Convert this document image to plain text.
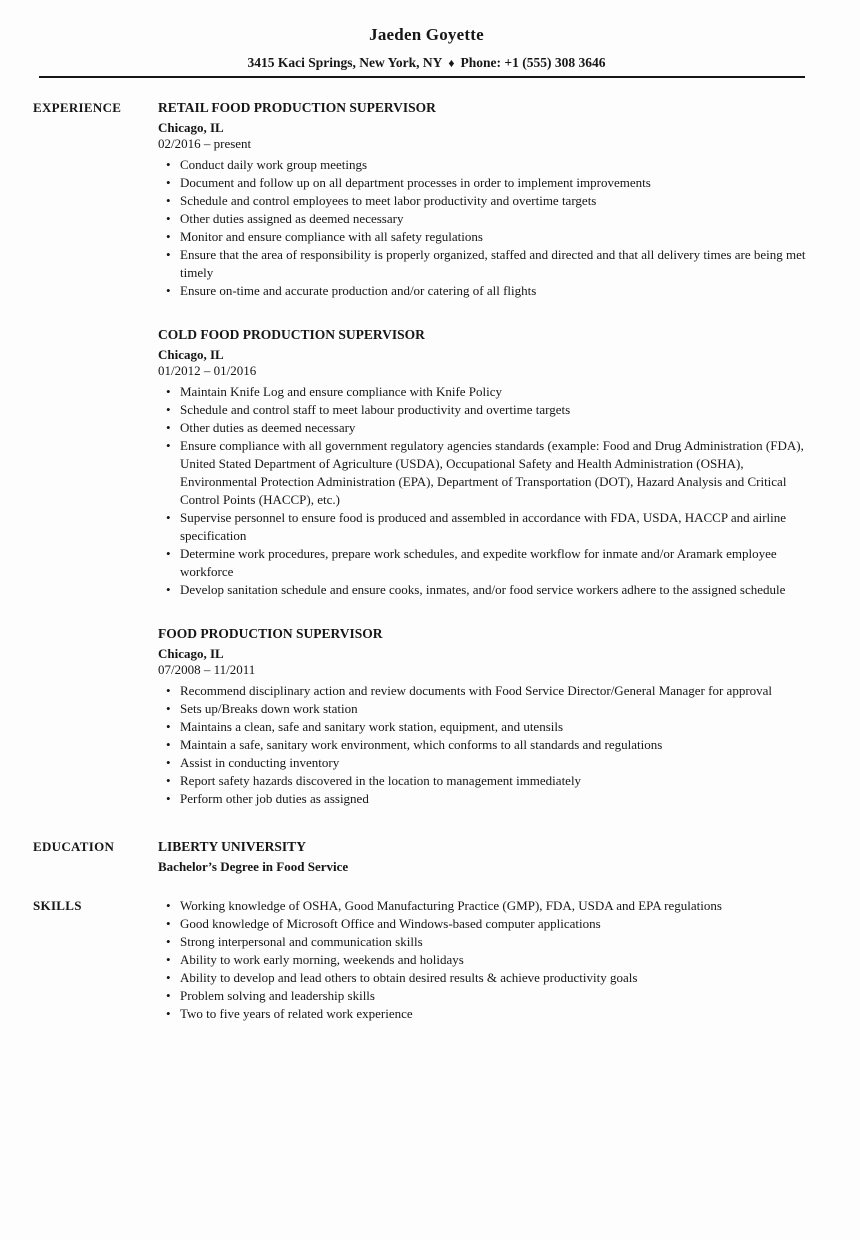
Jaeden Goyette
3415 Kaci Springs, New York, NY ♦ Phone: +1 (555) 308 3646
EXPERIENCE	RETAIL FOOD PRODUCTION SUPERVISOR
Chicago, IL
02/2016 – present
• Conduct daily work group meetings
• Document and follow up on all department processes in order to implement improvements
• Schedule and control employees to meet labor productivity and overtime targets
• Other duties assigned as deemed necessary
• Monitor and ensure compliance with all safety regulations
• Ensure that the area of responsibility is properly organized, staffed and directed and that all delivery times are being met timely
• Ensure on-time and accurate production and/or catering of all flights
COLD FOOD PRODUCTION SUPERVISOR
Chicago, IL
01/2012 – 01/2016
• Maintain Knife Log and ensure compliance with Knife Policy
• Schedule and control staff to meet labour productivity and overtime targets
• Other duties as deemed necessary
• Ensure compliance with all government regulatory agencies standards (example: Food and Drug Administration (FDA), United Stated Department of Agriculture (USDA), Occupational Safety and Health Administration (OSHA), Environmental Protection Administration (EPA), Department of Transportation (DOT), Hazard Analysis and Critical Control Points (HACCP), etc.)
• Supervise personnel to ensure food is produced and assembled in accordance with FDA, USDA, HACCP and airline specification
• Determine work procedures, prepare work schedules, and expedite workflow for inmate and/or Aramark employee workforce
• Develop sanitation schedule and ensure cooks, inmates, and/or food service workers adhere to the assigned schedule
FOOD PRODUCTION SUPERVISOR
Chicago, IL
07/2008 – 11/2011
• Recommend disciplinary action and review documents with Food Service Director/General Manager for approval
• Sets up/Breaks down work station
• Maintains a clean, safe and sanitary work station, equipment, and utensils
• Maintain a safe, sanitary work environment, which conforms to all standards and regulations
• Assist in conducting inventory
• Report safety hazards discovered in the location to management immediately
• Perform other job duties as assigned
EDUCATION	LIBERTY UNIVERSITY
Bachelor’s Degree in Food Service
SKILLS	• Working knowledge of OSHA, Good Manufacturing Practice (GMP), FDA, USDA and EPA regulations
• Good knowledge of Microsoft Office and Windows-based computer applications
• Strong interpersonal and communication skills
• Ability to work early morning, weekends and holidays
• Ability to develop and lead others to obtain desired results & achieve productivity goals
• Problem solving and leadership skills
• Two to five years of related work experience
